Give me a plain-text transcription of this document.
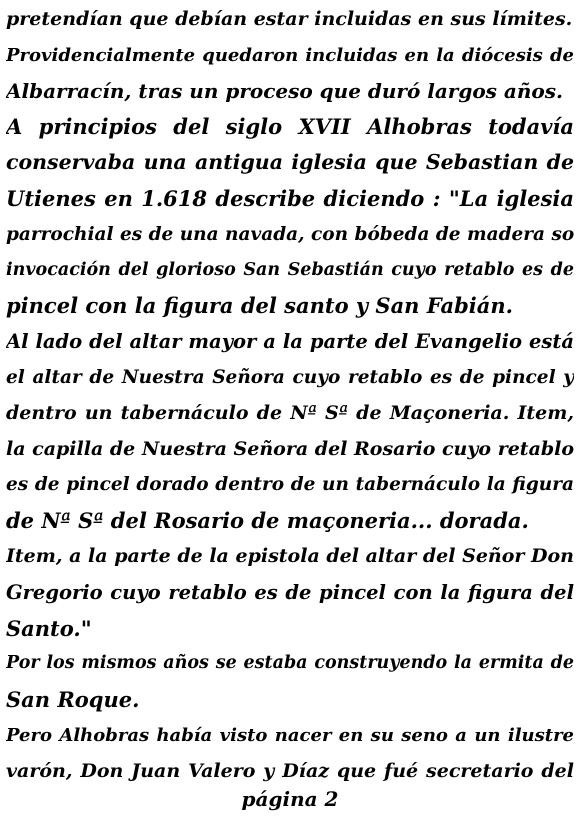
pretendían que debían estar incluidas en sus límites.
Providencialmente quedaron incluidas en la diócesis de
Albarracín, tras un proceso que duró largos años.
A principios del siglo XVII Alhobras todavía
conservaba una antigua iglesia que Sebastian de
Utienes en 1.618 describe diciendo : "La iglesia
parrochial es de una navada, con bóbeda de madera so
invocación del glorioso San Sebastián cuyo retablo es de
pincel con la figura del santo y San Fabián.
Al lado del altar mayor a la parte del Evangelio está
el altar de Nuestra Señora cuyo retablo es de pincel y
dentro un tabernáculo de Nª Sª de Maçoneria. Item,
la capilla de Nuestra Señora del Rosario cuyo retablo
es de pincel dorado dentro de un tabernáculo la figura
de Nª Sª del Rosario de maçoneria... dorada.
Item, a la parte de la epistola del altar del Señor Don
Gregorio cuyo retablo es de pincel con la figura del
Santo."
Por los mismos años se estaba construyendo la ermita de
San Roque.
Pero Alhobras había visto nacer en su seno a un ilustre
varón, Don Juan Valero y Díaz que fué secretario del
página 2
